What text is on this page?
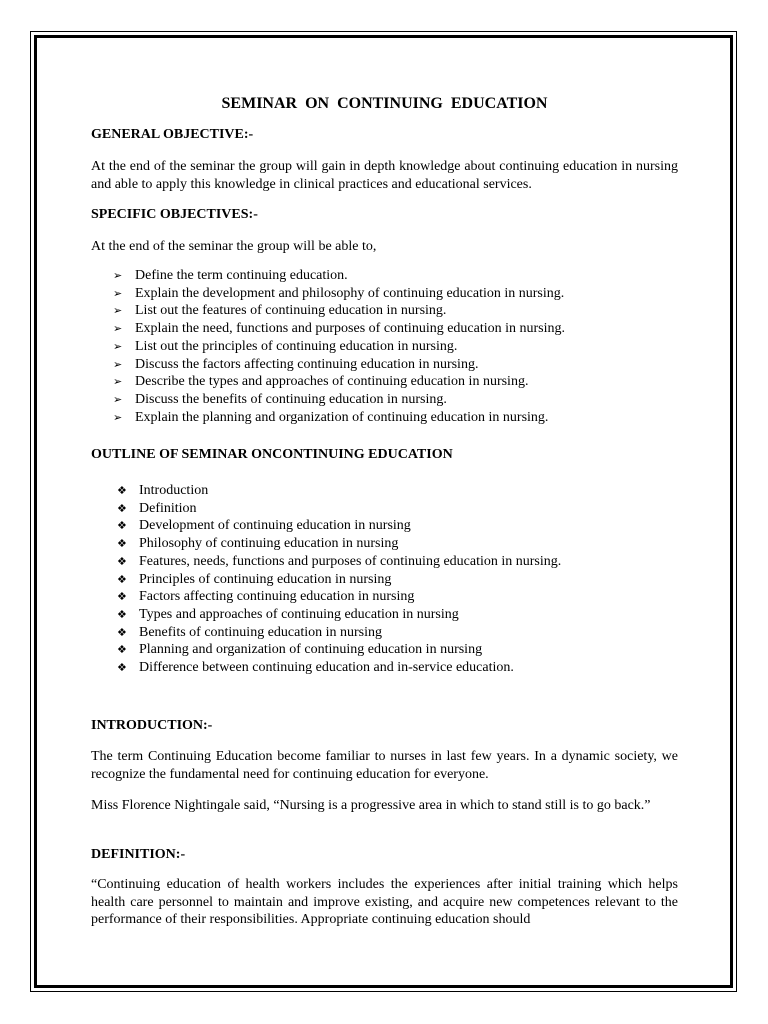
SEMINAR  ON  CONTINUING  EDUCATION
GENERAL OBJECTIVE:-

At the end of the seminar the group will gain in depth knowledge about continuing education in nursing and able to apply this knowledge in clinical practices and educational services.

SPECIFIC OBJECTIVES:-

At the end of the seminar the group will be able to,

➢ Define the term continuing education.
➢ Explain the development and philosophy of continuing education in nursing.
➢ List out the features of continuing education in nursing.
➢ Explain the need, functions and purposes of continuing education in nursing.
➢ List out the principles of continuing education in nursing.
➢ Discuss the factors affecting continuing education in nursing.
➢ Describe the types and approaches of continuing education in nursing.
➢ Discuss the benefits of continuing education in nursing.
➢ Explain the planning and organization of continuing education in nursing.
OUTLINE OF SEMINAR ONCONTINUING EDUCATION
❖ Introduction
❖ Definition
❖ Development of continuing education in nursing
❖ Philosophy of continuing education in nursing
❖ Features, needs, functions and purposes of continuing education in nursing.
❖ Principles of continuing education in nursing
❖ Factors affecting continuing education in nursing
❖ Types and approaches of continuing education in nursing
❖ Benefits of continuing education in nursing
❖ Planning and organization of continuing education in nursing
❖ Difference between continuing education and in-service education.
INTRODUCTION:-

The term Continuing Education become familiar to nurses in last few years. In a dynamic society, we recognize the fundamental need for continuing education for everyone.

Miss Florence Nightingale said, “Nursing is a progressive area in which to stand still is to go back.”

DEFINITION:-

“Continuing education of health workers includes the experiences after initial training which helps health care personnel to maintain and improve existing, and acquire new competences relevant to the performance of their responsibilities. Appropriate continuing education should
